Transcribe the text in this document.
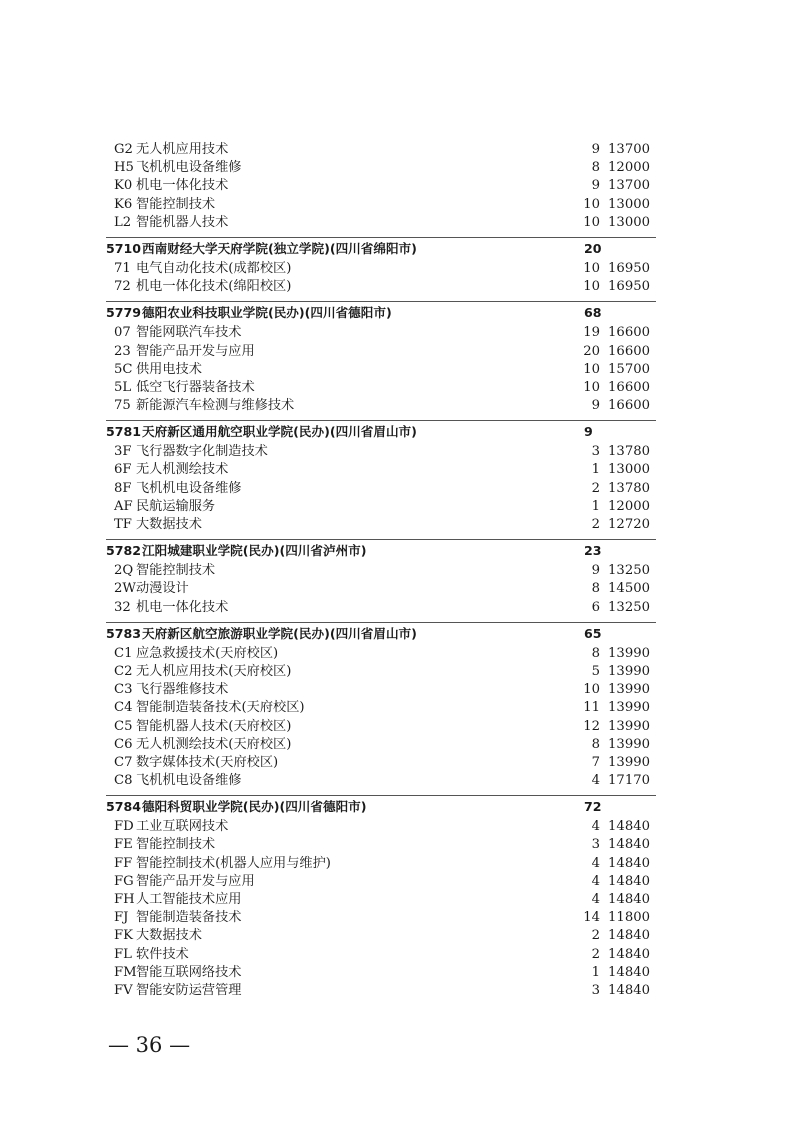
G2 无人机应用技术	9 13700
H5 飞机机电设备维修	8 12000
K0 机电一体化技术	9 13700
K6 智能控制技术	10 13000
L2 智能机器人技术	10 13000
5710 西南财经大学天府学院(独立学院)(四川省绵阳市)	20
71 电气自动化技术(成都校区)	10 16950
72 机电一体化技术(绵阳校区)	10 16950
5779 德阳农业科技职业学院(民办)(四川省德阳市)	68
07 智能网联汽车技术	19 16600
23 智能产品开发与应用	20 16600
5C 供用电技术	10 15700
5L 低空飞行器装备技术	10 16600
75 新能源汽车检测与维修技术	9 16600
5781 天府新区通用航空职业学院(民办)(四川省眉山市)	9
3F 飞行器数字化制造技术	3 13780
6F 无人机测绘技术	1 13000
8F 飞机机电设备维修	2 13780
AF 民航运输服务	1 12000
TF 大数据技术	2 12720
5782 江阳城建职业学院(民办)(四川省泸州市)	23
2Q 智能控制技术	9 13250
2W 动漫设计	8 14500
32 机电一体化技术	6 13250
5783 天府新区航空旅游职业学院(民办)(四川省眉山市)	65
C1 应急救援技术(天府校区)	8 13990
C2 无人机应用技术(天府校区)	5 13990
C3 飞行器维修技术	10 13990
C4 智能制造装备技术(天府校区)	11 13990
C5 智能机器人技术(天府校区)	12 13990
C6 无人机测绘技术(天府校区)	8 13990
C7 数字媒体技术(天府校区)	7 13990
C8 飞机机电设备维修	4 17170
5784 德阳科贸职业学院(民办)(四川省德阳市)	72
FD 工业互联网技术	4 14840
FE 智能控制技术	3 14840
FF 智能控制技术(机器人应用与维护)	4 14840
FG 智能产品开发与应用	4 14840
FH 人工智能技术应用	4 14840
FJ 智能制造装备技术	14 11800
FK 大数据技术	2 14840
FL 软件技术	2 14840
FM 智能互联网络技术	1 14840
FV 智能安防运营管理	3 14840
— 36 —
